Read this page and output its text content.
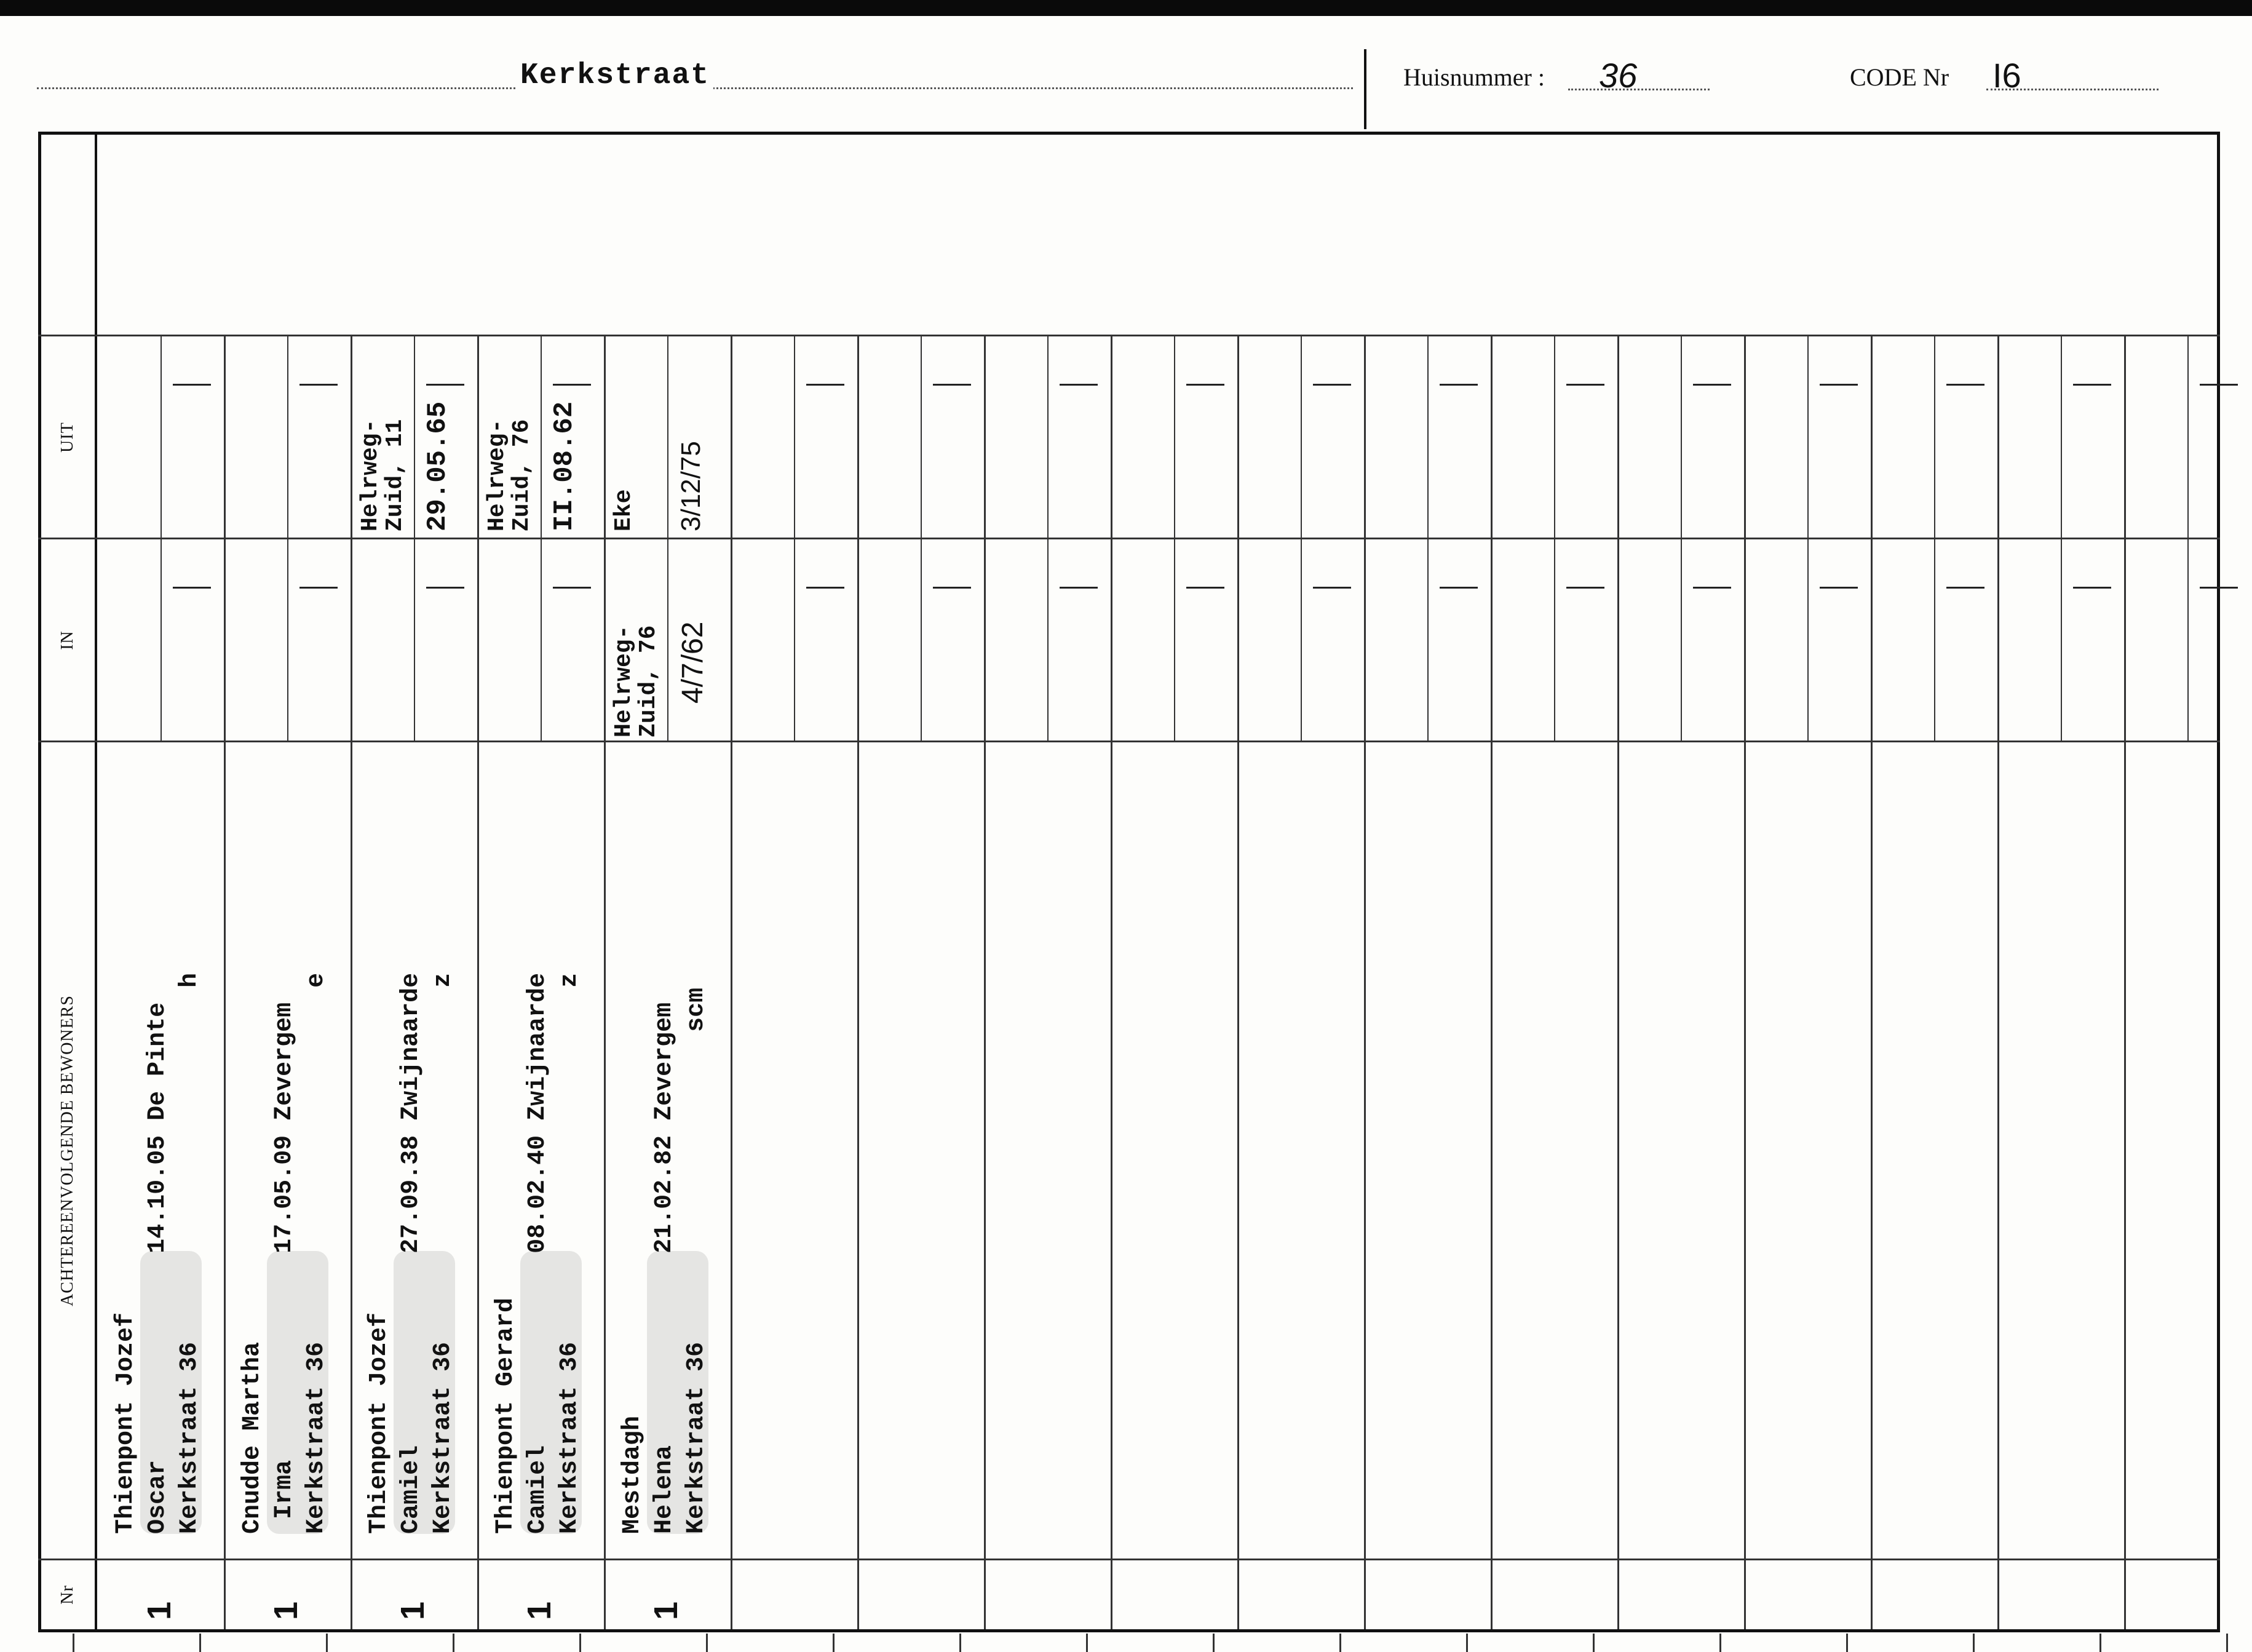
Kerkstraat	Huisnummer : 36	CODE Nr I6
UIT
IN
ACHTEREENVOLGENDE BEWONERS
Nr
Thienpont Jozef Oscar              14.10.05 De Pinte Kerkstraat 36                        h
1
Cnudde Martha Irma              17.05.09 Zevergem Kerkstraat 36                        e
1
Thienpont Jozef Camiel             27.09.38 Zwijnaarde Kerkstraat 36                        z
1
Helrweg-
Zuid, 11 29.05.65
Thienpont Gerard Camiel             08.02.40 Zwijnaarde Kerkstraat 36                        z
1
Helrweg-
Zuid, 76 II.08.62
Mestdagh Helena             21.02.82 Zevergem Kerkstraat 36                     scm
1
Eke 3/12/75
Helrweg-
Zuid, 76 4/7/62
